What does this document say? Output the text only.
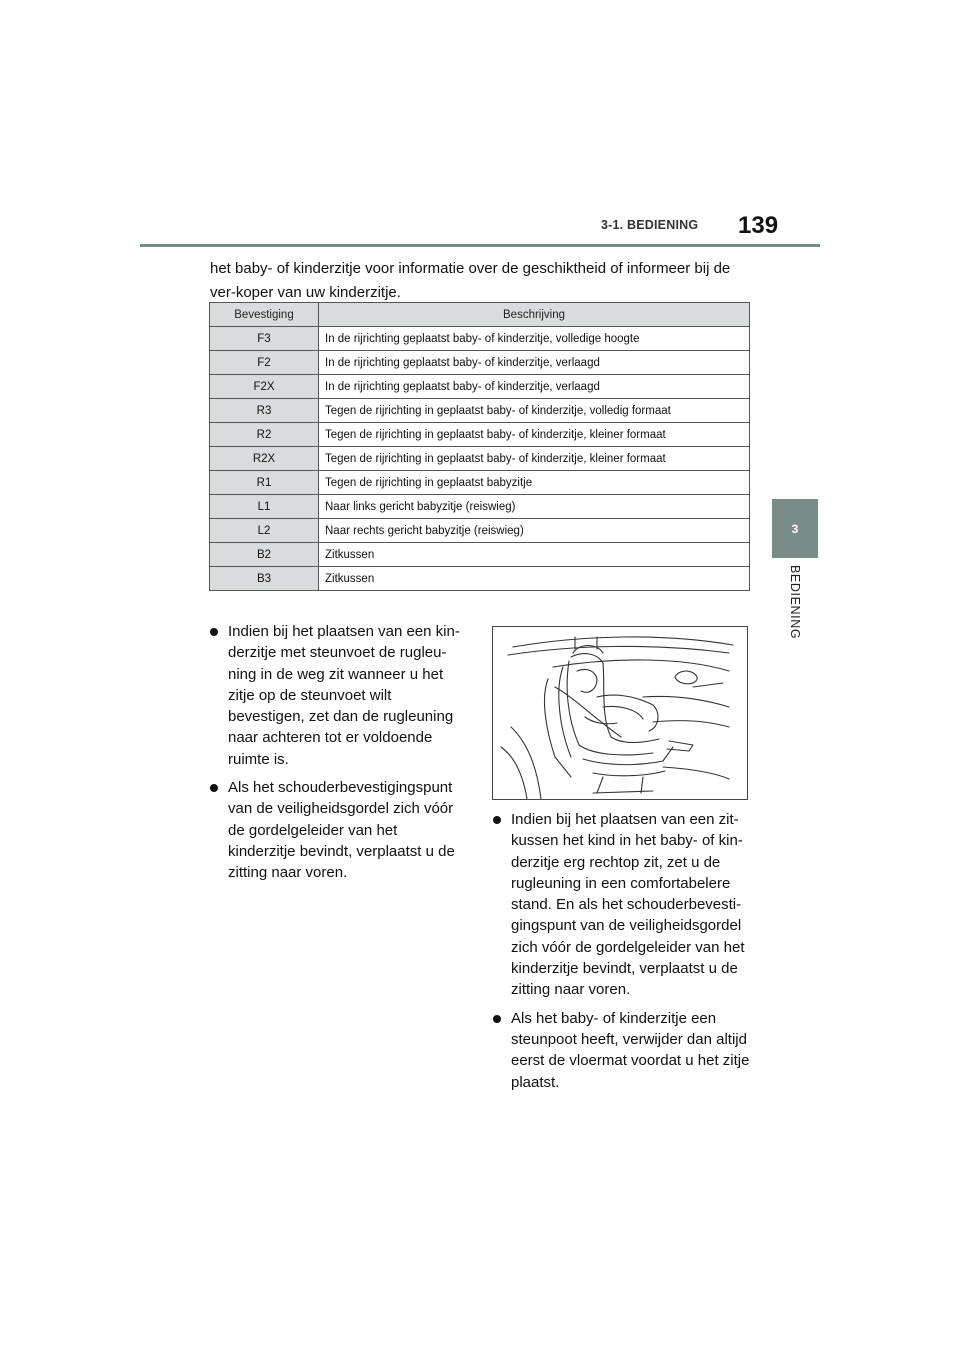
3-1. BEDIENING 139
3
BEDIENING
het baby- of kinderzitje voor informatie over de geschiktheid of informeer bij de ver-koper van uw kinderzitje.
Bevestiging	Beschrijving
F3	In de rijrichting geplaatst baby- of kinderzitje, volledige hoogte
F2	In de rijrichting geplaatst baby- of kinderzitje, verlaagd
F2X	In de rijrichting geplaatst baby- of kinderzitje, verlaagd
R3	Tegen de rijrichting in geplaatst baby- of kinderzitje, volledig formaat
R2	Tegen de rijrichting in geplaatst baby- of kinderzitje, kleiner formaat
R2X	Tegen de rijrichting in geplaatst baby- of kinderzitje, kleiner formaat
R1	Tegen de rijrichting in geplaatst babyzitje
L1	Naar links gericht babyzitje (reiswieg)
L2	Naar rechts gericht babyzitje (reiswieg)
B2	Zitkussen
B3	Zitkussen
Indien bij het plaatsen van een kin-derzitje met steunvoet de rugleu-ning in de weg zit wanneer u het zitje op de steunvoet wilt bevestigen, zet dan de rugleuning naar achteren tot er voldoende ruimte is.
Als het schouderbevestigingspunt van de veiligheidsgordel zich vóór de gordelgeleider van het kinderzitje bevindt, verplaatst u de zitting naar voren.
Indien bij het plaatsen van een zit-kussen het kind in het baby- of kin-derzitje erg rechtop zit, zet u de rugleuning in een comfortabelere stand. En als het schouderbevesti-gingspunt van de veiligheidsgordel zich vóór de gordelgeleider van het kinderzitje bevindt, verplaatst u de zitting naar voren.
Als het baby- of kinderzitje een steunpoot heeft, verwijder dan altijd eerst de vloermat voordat u het zitje plaatst.
